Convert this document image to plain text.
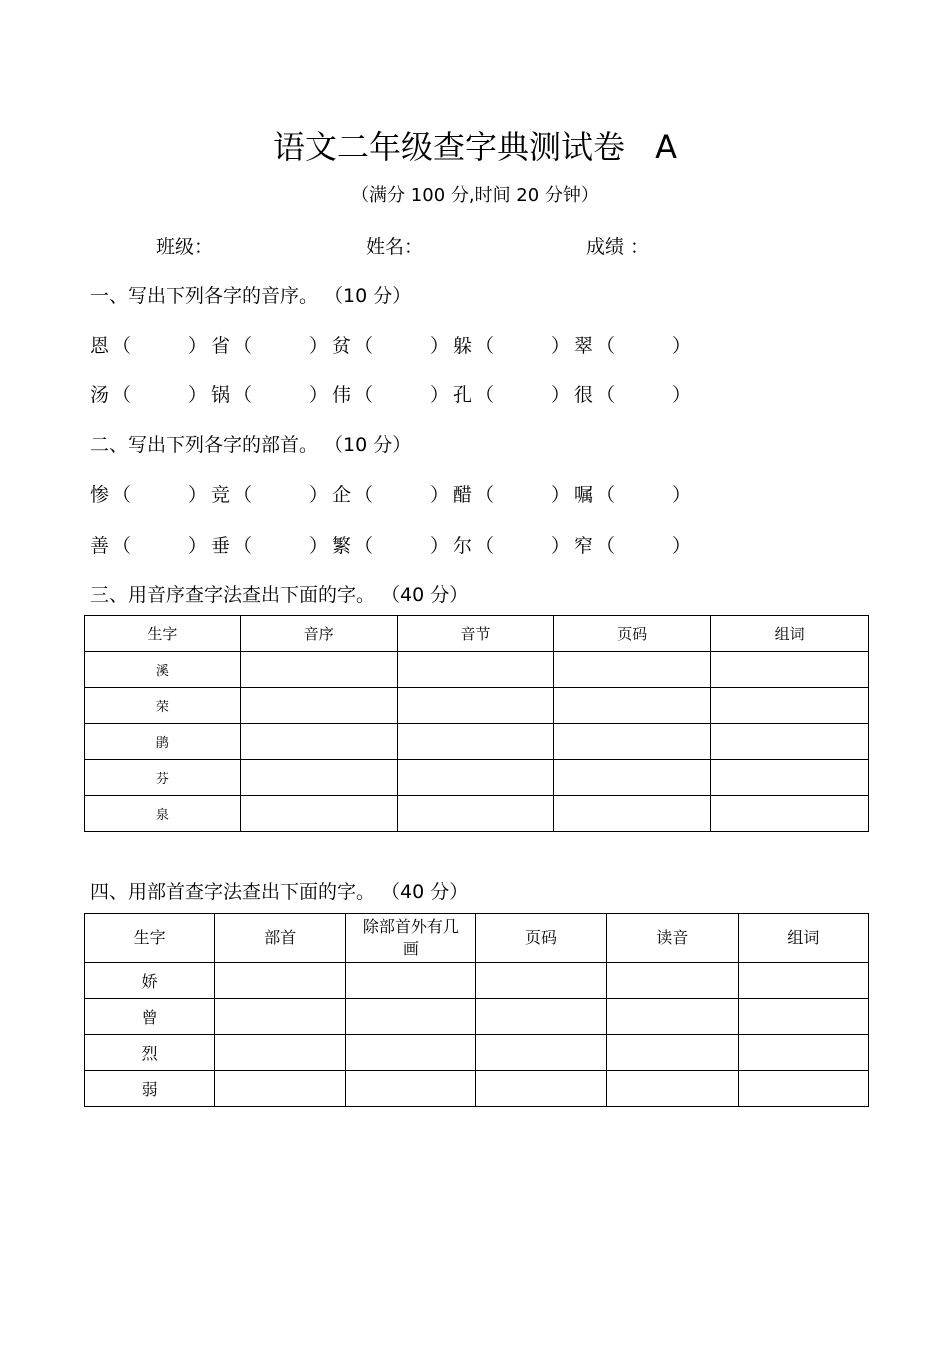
语文二年级查字典测试卷 A
（满分 100 分,时间 20 分钟）
班级：	姓名：	成绩 ：
一、写出下列各字的音序。 （10 分）
恩 （　　　） 省 （　　　） 贫 （　　　） 躲 （　　　） 翠 （　　　）
汤 （　　　） 锅 （　　　） 伟 （　　　） 孔 （　　　） 很 （　　　）
二、写出下列各字的部首。 （10 分）
惨 （　　　） 竞 （　　　） 企 （　　　） 醋 （　　　） 嘱 （　　　）
善 （　　　） 垂 （　　　） 繁 （　　　） 尔 （　　　） 窄 （　　　）
三、用音序查字法查出下面的字。 （40 分）
生字	音序	音节	页码	组词
溪				
荣				
鹃				
芬				
泉				
四、用部首查字法查出下面的字。 （40 分）
生字	部首	除部首外有几画	页码	读音	组词
娇					
曾					
烈					
弱					
